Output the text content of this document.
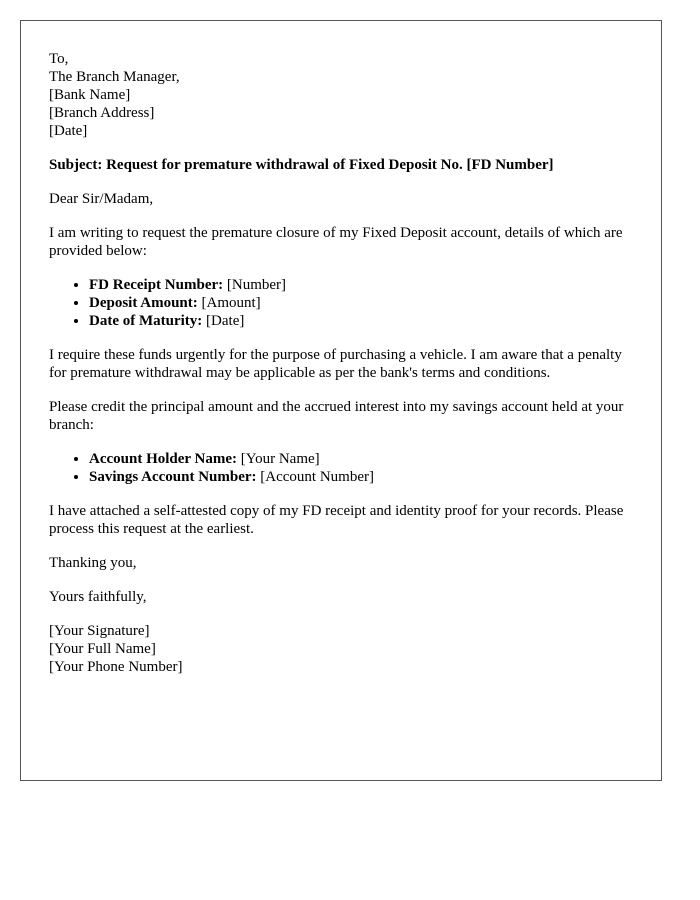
To,
The Branch Manager,
[Bank Name]
[Branch Address]
[Date]

Subject: Request for premature withdrawal of Fixed Deposit No. [FD Number]

Dear Sir/Madam,

I am writing to request the premature closure of my Fixed Deposit account, details of which are provided below:

• FD Receipt Number: [Number]
• Deposit Amount: [Amount]
• Date of Maturity: [Date]

I require these funds urgently for the purpose of purchasing a vehicle. I am aware that a penalty for premature withdrawal may be applicable as per the bank's terms and conditions.

Please credit the principal amount and the accrued interest into my savings account held at your branch:

• Account Holder Name: [Your Name]
• Savings Account Number: [Account Number]

I have attached a self-attested copy of my FD receipt and identity proof for your records. Please process this request at the earliest.

Thanking you,

Yours faithfully,

[Your Signature]
[Your Full Name]
[Your Phone Number]
